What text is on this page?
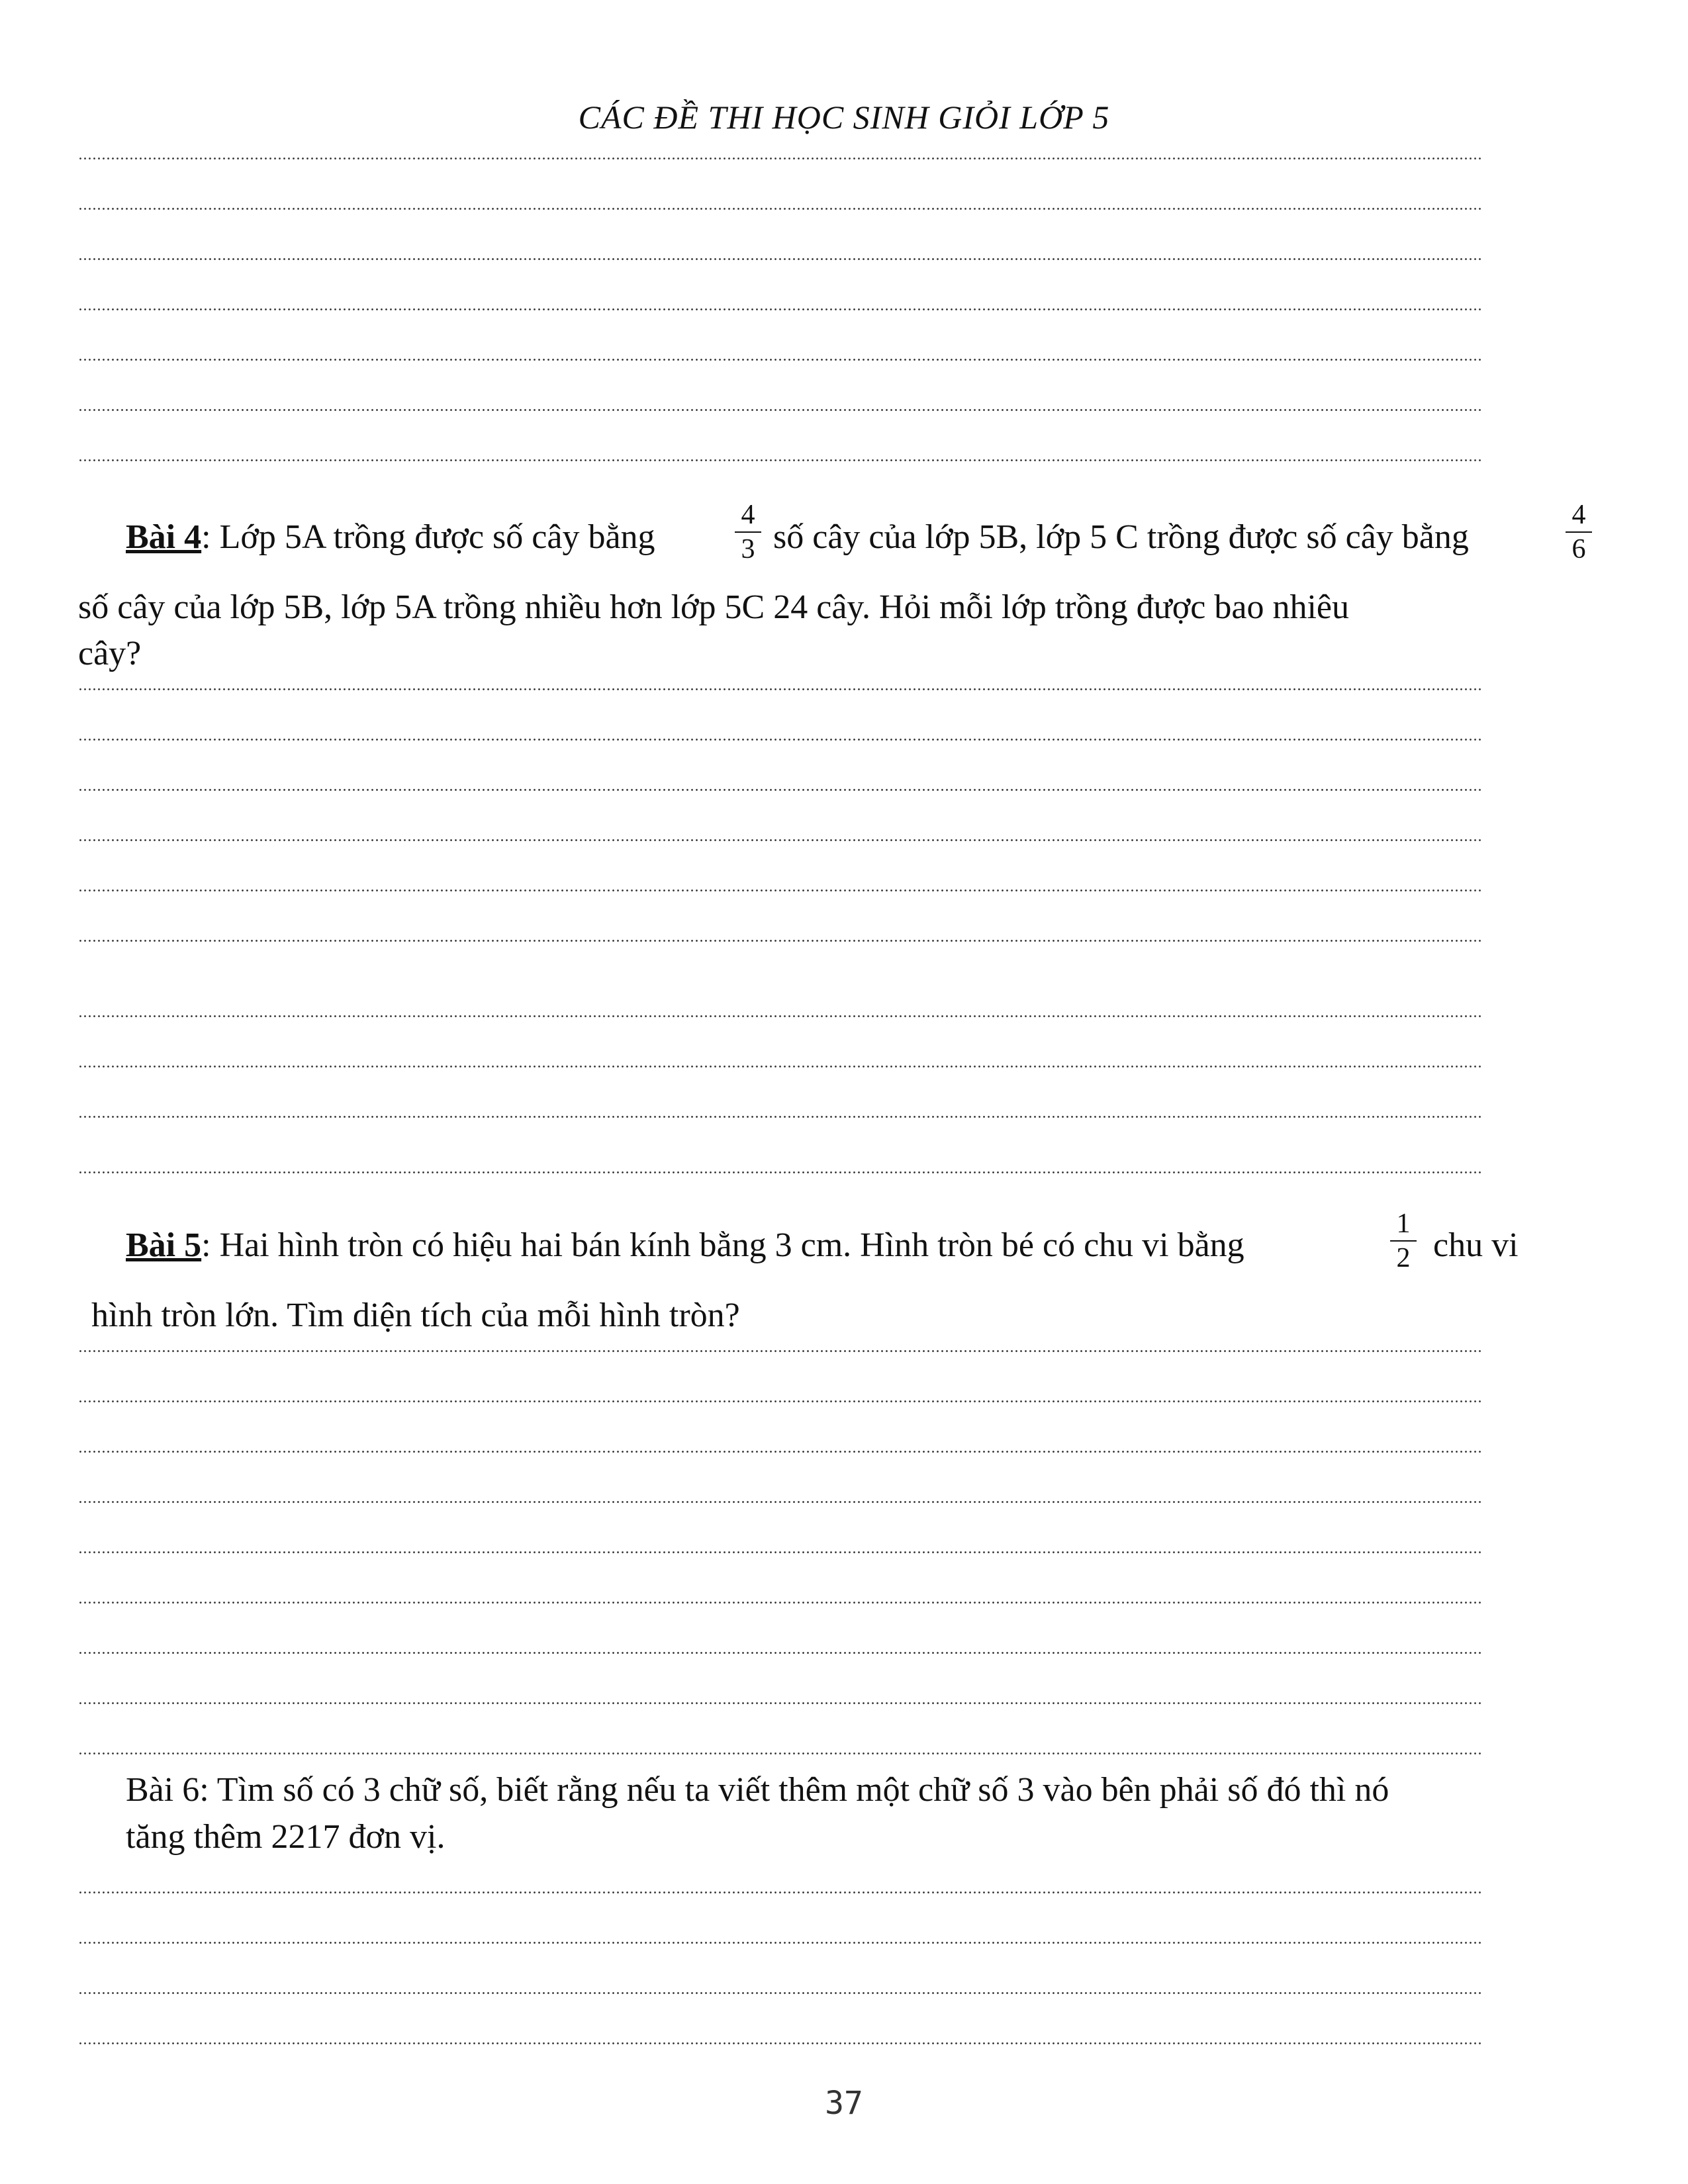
CÁC ĐỀ THI HỌC SINH GIỎI LỚP 5
Bài 4: Lớp 5A trồng được số cây bằng	$\frac{4}{3}$ số cây của lớp 5B, lớp 5 C trồng được số cây bằng	$\frac{4}{6}$
số cây của lớp 5B, lớp 5A trồng nhiều hơn lớp 5C 24 cây. Hỏi mỗi lớp trồng được bao nhiêu
cây?
Bài 5: Hai hình tròn có hiệu hai bán kính bằng 3 cm. Hình tròn bé có chu vi bằng	$\frac{1}{2}$ chu vi
hình tròn lớn. Tìm diện tích của mỗi hình tròn?
Bài 6: Tìm số có 3 chữ số, biết rằng nếu ta viết thêm một chữ số 3 vào bên phải số đó thì nó
tăng thêm 2217 đơn vị.
37
